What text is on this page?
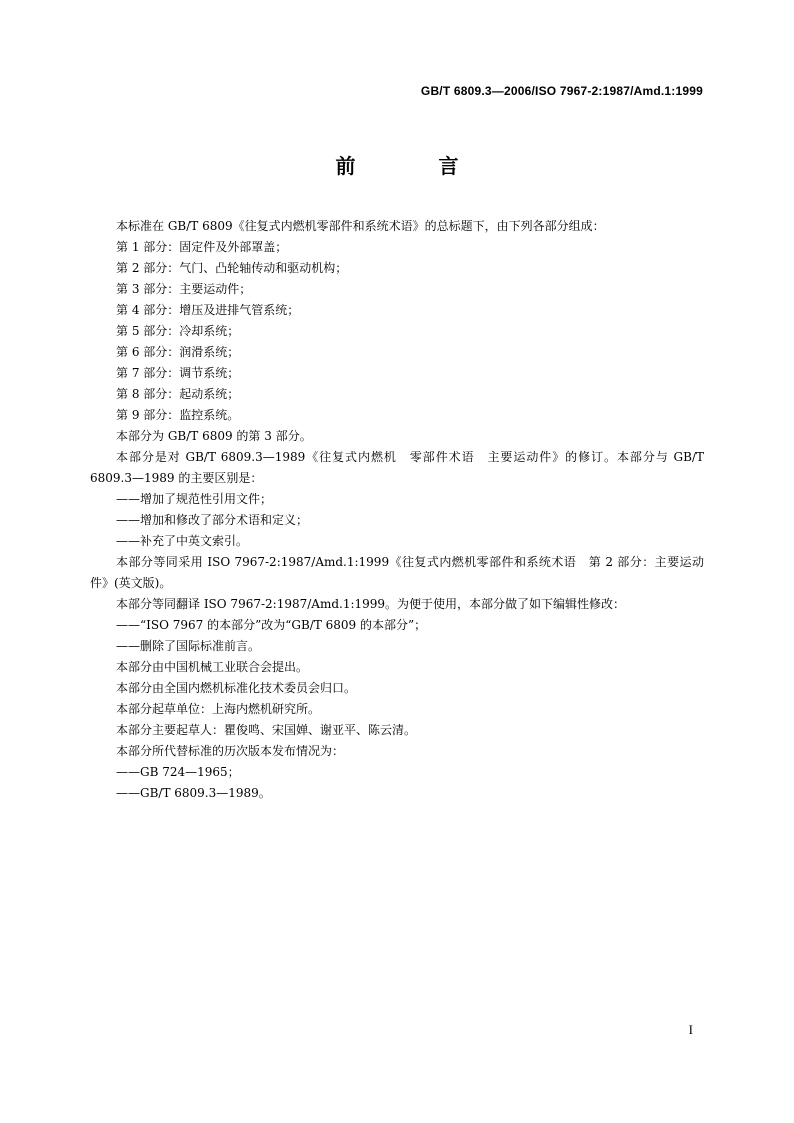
GB/T 6809.3—2006/ISO 7967-2:1987/Amd.1:1999
前 言

本标准在 GB/T 6809《往复式内燃机零部件和系统术语》的总标题下，由下列各部分组成：

第 1 部分：固定件及外部罩盖；

第 2 部分：气门、凸轮轴传动和驱动机构；

第 3 部分：主要运动件；

第 4 部分：增压及进排气管系统；

第 5 部分：冷却系统；

第 6 部分：润滑系统；

第 7 部分：调节系统；

第 8 部分：起动系统；

第 9 部分：监控系统。

本部分为 GB/T 6809 的第 3 部分。

本部分是对 GB/T 6809.3—1989《往复式内燃机　零部件术语　主要运动件》的修订。本部分与 GB/T 6809.3—1989 的主要区别是：

——增加了规范性引用文件；

——增加和修改了部分术语和定义；

——补充了中英文索引。

本部分等同采用 ISO 7967-2:1987/Amd.1:1999《往复式内燃机零部件和系统术语　第 2 部分：主要运动件》(英文版)。

本部分等同翻译 ISO 7967-2:1987/Amd.1:1999。为便于使用，本部分做了如下编辑性修改：

——“ISO 7967 的本部分”改为“GB/T 6809 的本部分”；

——删除了国际标准前言。

本部分由中国机械工业联合会提出。

本部分由全国内燃机标准化技术委员会归口。

本部分起草单位：上海内燃机研究所。

本部分主要起草人：瞿俊鸣、宋国婵、谢亚平、陈云清。

本部分所代替标准的历次版本发布情况为：

——GB 724—1965；

——GB/T 6809.3—1989。

I
